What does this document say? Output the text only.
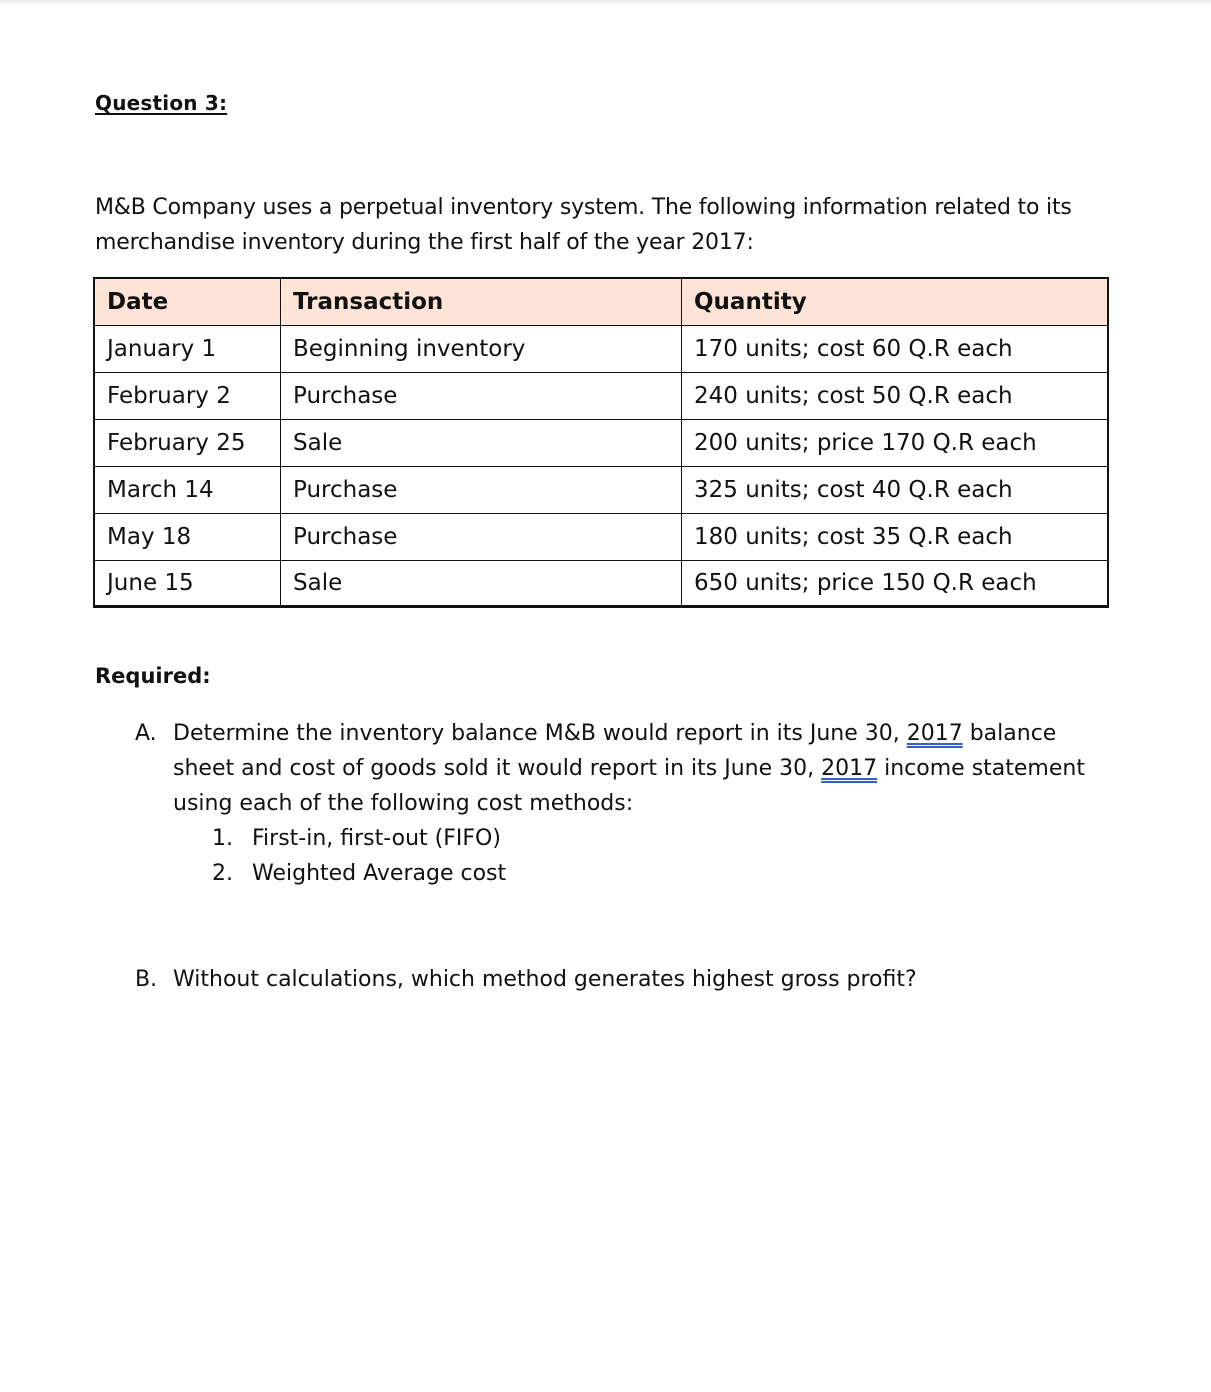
Question 3:
M&B Company uses a perpetual inventory system. The following information related to its
merchandise inventory during the first half of the year 2017:
Date	Transaction	Quantity
January 1	Beginning inventory	170 units; cost 60 Q.R each
February 2	Purchase	240 units; cost 50 Q.R each
February 25	Sale	200 units; price 170 Q.R each
March 14	Purchase	325 units; cost 40 Q.R each
May 18	Purchase	180 units; cost 35 Q.R each
June 15	Sale	650 units; price 150 Q.R each
Required:
A. Determine the inventory balance M&B would report in its June 30, 2017 balance
sheet and cost of goods sold it would report in its June 30, 2017 income statement
using each of the following cost methods:
1. First-in, first-out (FIFO)
2. Weighted Average cost
B. Without calculations, which method generates highest gross profit?
